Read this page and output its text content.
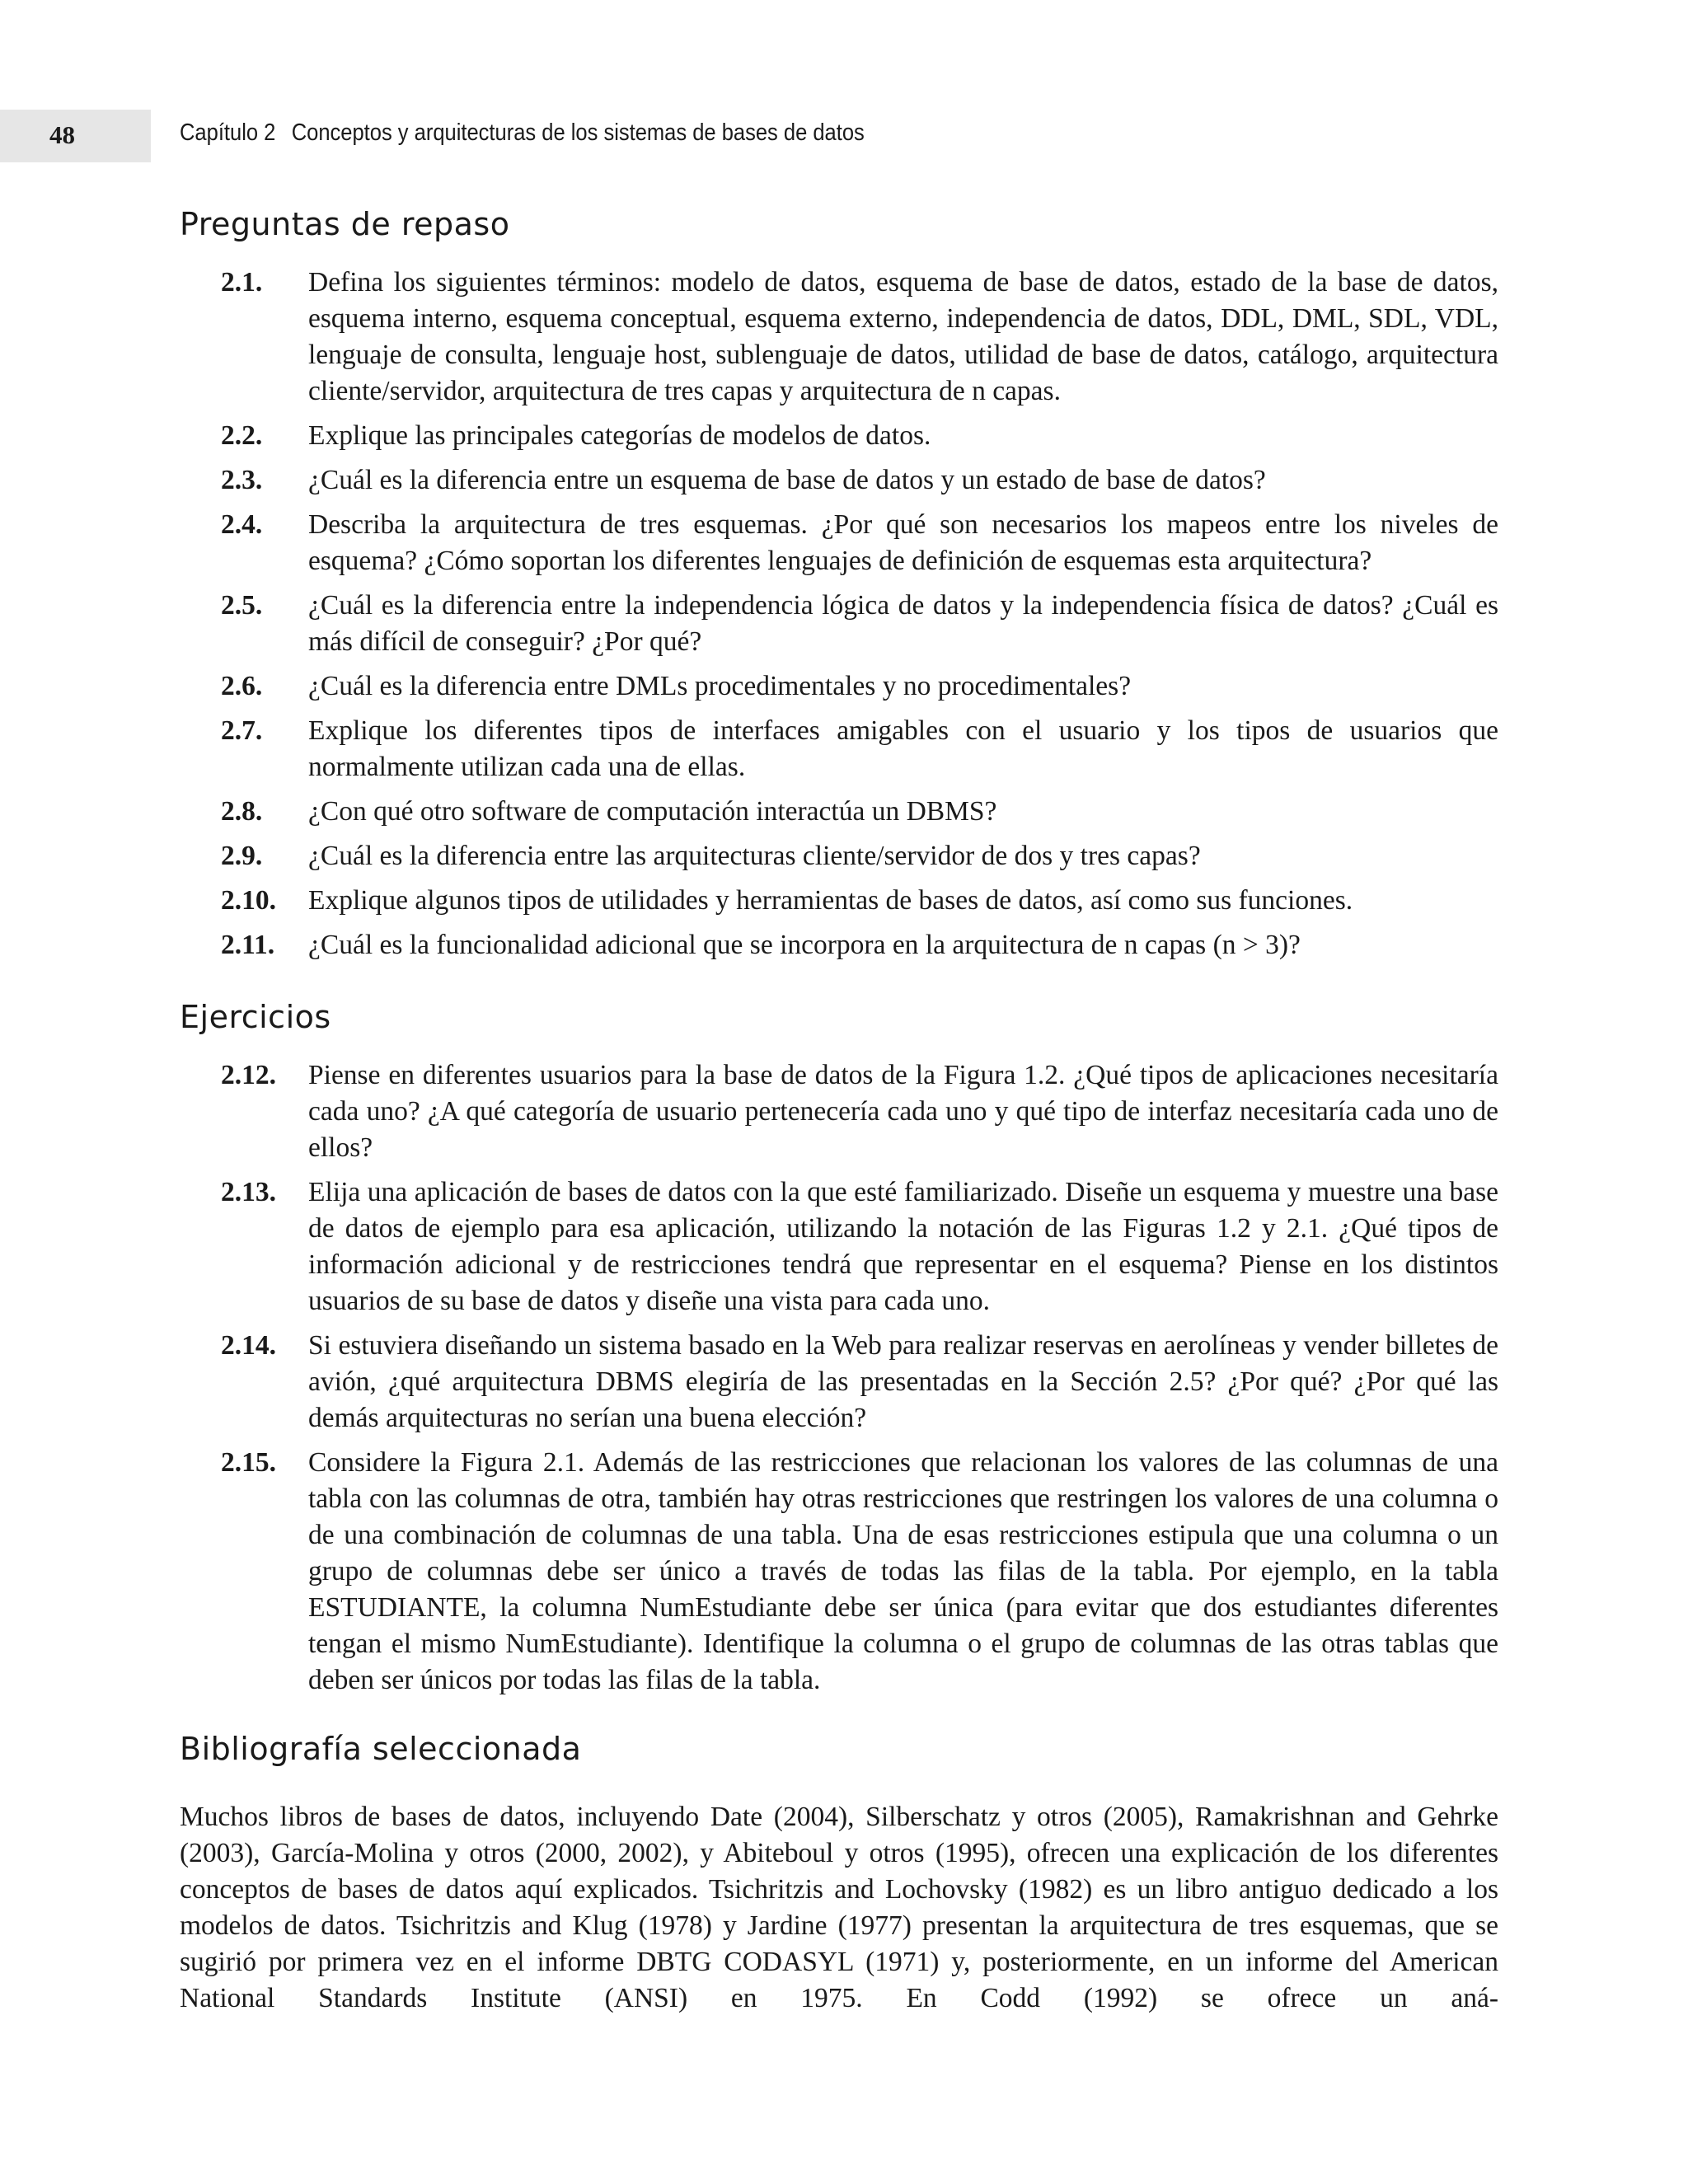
48	Capítulo 2 Conceptos y arquitecturas de los sistemas de bases de datos
Preguntas de repaso
2.1. Defina los siguientes términos: modelo de datos, esquema de base de datos, estado de la base de datos, esquema interno, esquema conceptual, esquema externo, independencia de datos, DDL, DML, SDL, VDL, lenguaje de consulta, lenguaje host, sublenguaje de datos, utilidad de base de datos, catálogo, arquitectura cliente/servidor, arquitectura de tres capas y arquitectura de n capas.
2.2. Explique las principales categorías de modelos de datos.
2.3. ¿Cuál es la diferencia entre un esquema de base de datos y un estado de base de datos?
2.4. Describa la arquitectura de tres esquemas. ¿Por qué son necesarios los mapeos entre los niveles de esquema? ¿Cómo soportan los diferentes lenguajes de definición de esquemas esta arquitectura?
2.5. ¿Cuál es la diferencia entre la independencia lógica de datos y la independencia física de datos? ¿Cuál es más difícil de conseguir? ¿Por qué?
2.6. ¿Cuál es la diferencia entre DMLs procedimentales y no procedimentales?
2.7. Explique los diferentes tipos de interfaces amigables con el usuario y los tipos de usuarios que normalmente utilizan cada una de ellas.
2.8. ¿Con qué otro software de computación interactúa un DBMS?
2.9. ¿Cuál es la diferencia entre las arquitecturas cliente/servidor de dos y tres capas?
2.10. Explique algunos tipos de utilidades y herramientas de bases de datos, así como sus funciones.
2.11. ¿Cuál es la funcionalidad adicional que se incorpora en la arquitectura de n capas (n > 3)?
Ejercicios
2.12. Piense en diferentes usuarios para la base de datos de la Figura 1.2. ¿Qué tipos de aplicaciones necesitaría cada uno? ¿A qué categoría de usuario pertenecería cada uno y qué tipo de interfaz necesitaría cada uno de ellos?
2.13. Elija una aplicación de bases de datos con la que esté familiarizado. Diseñe un esquema y muestre una base de datos de ejemplo para esa aplicación, utilizando la notación de las Figuras 1.2 y 2.1. ¿Qué tipos de información adicional y de restricciones tendrá que representar en el esquema? Piense en los distintos usuarios de su base de datos y diseñe una vista para cada uno.
2.14. Si estuviera diseñando un sistema basado en la Web para realizar reservas en aerolíneas y vender billetes de avión, ¿qué arquitectura DBMS elegiría de las presentadas en la Sección 2.5? ¿Por qué? ¿Por qué las demás arquitecturas no serían una buena elección?
2.15. Considere la Figura 2.1. Además de las restricciones que relacionan los valores de las columnas de una tabla con las columnas de otra, también hay otras restricciones que restringen los valores de una columna o de una combinación de columnas de una tabla. Una de esas restricciones estipula que una columna o un grupo de columnas debe ser único a través de todas las filas de la tabla. Por ejemplo, en la tabla ESTUDIANTE, la columna NumEstudiante debe ser única (para evitar que dos estudiantes diferentes tengan el mismo NumEstudiante). Identifique la columna o el grupo de columnas de las otras tablas que deben ser únicos por todas las filas de la tabla.
Bibliografía seleccionada

Muchos libros de bases de datos, incluyendo Date (2004), Silberschatz y otros (2005), Ramakrishnan and Gehrke (2003), García-Molina y otros (2000, 2002), y Abiteboul y otros (1995), ofrecen una explicación de los diferentes conceptos de bases de datos aquí explicados. Tsichritzis and Lochovsky (1982) es un libro antiguo dedicado a los modelos de datos. Tsichritzis and Klug (1978) y Jardine (1977) presentan la arquitectura de tres esquemas, que se sugirió por primera vez en el informe DBTG CODASYL (1971) y, posteriormente, en un informe del American National Standards Institute (ANSI) en 1975. En Codd (1992) se ofrece un aná-
